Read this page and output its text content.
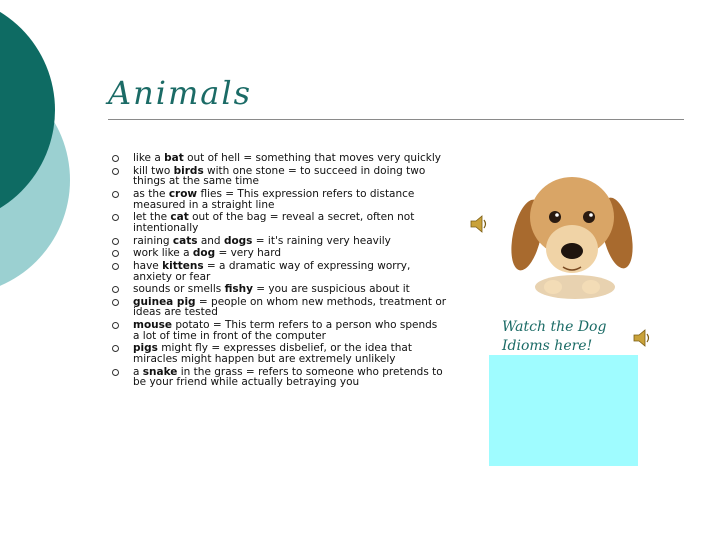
Animals
like a bat out of hell = something that moves very quickly
kill two birds with one stone = to succeed in doing two things at the same time
as the crow flies = This expression refers to distance measured in a straight line
let the cat out of the bag = reveal a secret, often not intentionally
raining cats and dogs = it's raining very heavily
work like a dog = very hard
have kittens = a dramatic way of expressing worry, anxiety or fear
sounds or smells fishy = you are suspicious about it
guinea pig = people on whom new methods, treatment or ideas are tested
mouse potato = This term refers to a person who spends a lot of time in front of the computer
pigs might fly = expresses disbelief, or the idea that miracles might happen but are extremely unlikely
a snake in the grass = refers to someone who pretends to be your friend while actually betraying you
Watch the Dog
Idioms here!
